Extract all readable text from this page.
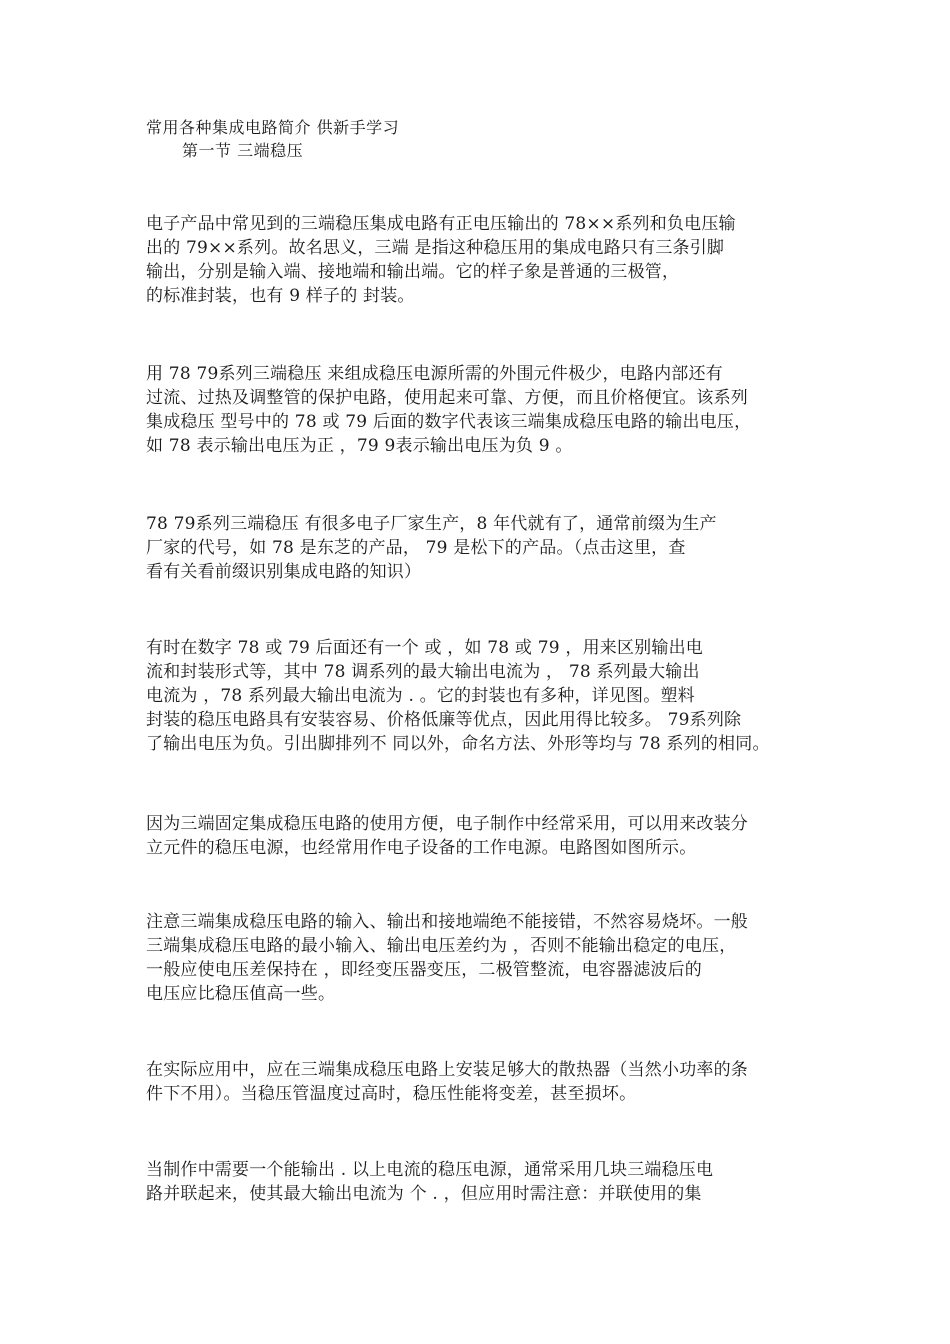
常用各种集成电路简介 供新手学习
第一节 三端稳压
电子产品中常见到的三端稳压集成电路有正电压输出的 78××系列和负电压输
出的 79××系列。故名思义，三端 是指这种稳压用的集成电路只有三条引脚
输出，分别是输入端、接地端和输出端。它的样子象是普通的三极管，
的标准封装，也有 9 样子的 封装。
用 78 79系列三端稳压 来组成稳压电源所需的外围元件极少，电路内部还有
过流、过热及调整管的保护电路，使用起来可靠、方便，而且价格便宜。该系列
集成稳压 型号中的 78 或 79 后面的数字代表该三端集成稳压电路的输出电压，
如 78 表示输出电压为正 ，79 9表示输出电压为负 9 。
78 79系列三端稳压 有很多电子厂家生产，8 年代就有了，通常前缀为生产
厂家的代号，如 78 是东芝的产品， 79 是松下的产品。（点击这里，查
看有关看前缀识别集成电路的知识）
有时在数字 78 或 79 后面还有一个 或 ，如 78 或 79 ，用来区别输出电
流和封装形式等，其中 78 调系列的最大输出电流为 ， 78 系列最大输出
电流为 ，78 系列最大输出电流为 . 。它的封装也有多种，详见图。塑料
封装的稳压电路具有安装容易、价格低廉等优点，因此用得比较多。 79系列除
了输出电压为负。引出脚排列不 同以外，命名方法、外形等均与 78 系列的相同。
因为三端固定集成稳压电路的使用方便，电子制作中经常采用，可以用来改装分
立元件的稳压电源，也经常用作电子设备的工作电源。电路图如图所示。
注意三端集成稳压电路的输入、输出和接地端绝不能接错，不然容易烧坏。一般
三端集成稳压电路的最小输入、输出电压差约为 ，否则不能输出稳定的电压，
一般应使电压差保持在 ，即经变压器变压，二极管整流，电容器滤波后的
电压应比稳压值高一些。
在实际应用中，应在三端集成稳压电路上安装足够大的散热器（当然小功率的条
件下不用）。当稳压管温度过高时，稳压性能将变差，甚至损坏。
当制作中需要一个能输出 . 以上电流的稳压电源，通常采用几块三端稳压电
路并联起来，使其最大输出电流为 个 . ，但应用时需注意：并联使用的集
